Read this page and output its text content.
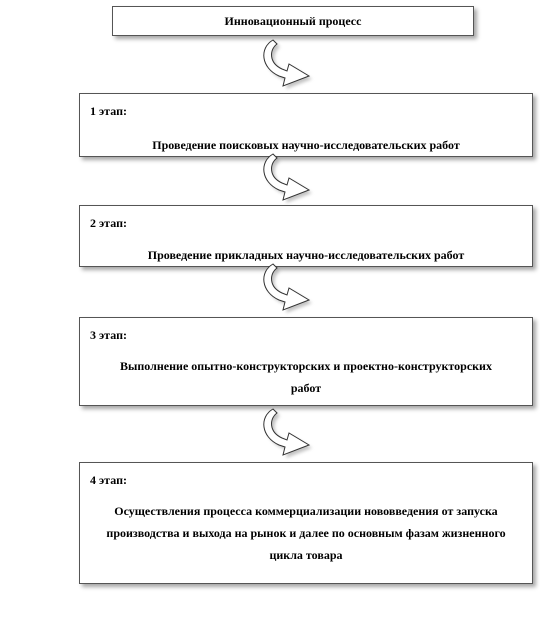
Инновационный процесс
1 этап:
Проведение поисковых научно-исследовательских работ
2 этап:
Проведение прикладных научно-исследовательских работ
3 этап:
Выполнение опытно-конструкторских и проектно-конструкторских работ
4 этап:
Осуществления процесса коммерциализации нововведения от запуска производства и выхода на рынок и далее по основным фазам жизненного цикла товара
